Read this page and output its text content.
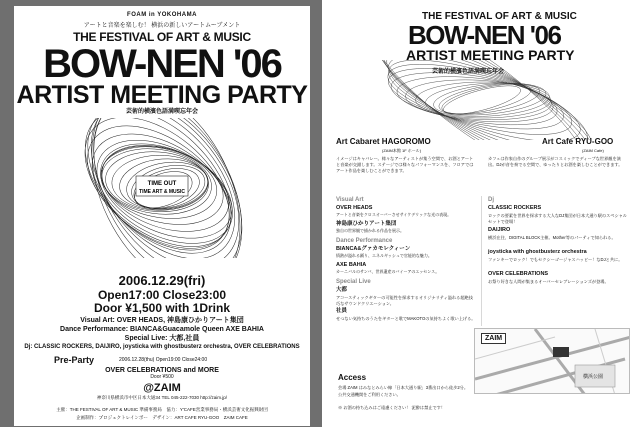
FOAM in YOKOHAMA
アートと音楽を楽しむ！ 横浜の新しいアートムーブメント
THE FESTIVAL OF ART & MUSIC
BOW-NEN '06
ARTIST MEETING PARTY
芸術的横濱色語満喫忘年会
TIME OUT
TIME ART & MUSIC
2006.12.29(fri)
Open17:00 Close23:00
Door ¥1,500 with 1Drink
Visual Art: OVER HEADS, 神島康ひかりアート集団
Dance Performance: BIANCA&Guacamole Queen AXE BAHIA
Special Live: 大都,社員
Dj: CLASSIC ROCKERS, DAIJIRO, joysticka with ghostbusterz orchestra, OVER CELEBRATIONS
Pre-Party	2006.12.28(thu) Open19:00 Close24:00
OVER CELEBRATIONS and MORE
Door ¥500
@ZAIM
神奈川県横浜市中区日本大通34 TEL 045-222-7030 http://zaim.jp/
主催：THE FESTIVAL OF ART & MUSIC 準備事務局　協力：Y'CAFE営業事務局・横浜芸術文化振興財団
企画制作：プロジェクトレインボー　デザイン：ART CAFE RYU-GOO　ZAIM CAFE
THE FESTIVAL OF ART & MUSIC
BOW-NEN '06
ARTIST MEETING PARTY
芸術的横濱色語満喫忘年会
Art Cabaret HAGOROMO
(ZAIM本館 1F ホール)
イメージはキャバレー。様々なアーティストが集う空間で、お酒とアートと音楽が交錯します。ステージでは様々なパフォーマンスを、フロアではアート作品を楽しむことができます。
Art Cafe RYU-GOO
(ZAIM Cafe)
カフェは作家自作のグループ展示がコスミックでディープな世界観を演出。DJが音を奏でる空間で、ゆったりとお酒を楽しむことができます。
Visual Art
OVER HEADS
アートと音楽をクロスオーバーさせサイケデリックな光の表現。
神島康ひかりアート集団
独自の世界観で描かれる作品を展示。
Dance Performance
BIANCA&グァカモレクィーン
情熱が溢れる踊り、エネルギッシュで官能的な魅力。
AXE BAHIA
カーニバルのサンバ、世界遺産のバイーアのエッセンス。
Special Live
大都
アコースティックギターの可能性を探求するオリジナリティ溢れる超絶技巧なサウンドクリエーション。
社員
せつない気持ちのうたをギターと歌でMAKOTOの気持ちよく歌い上げる。
Dj
CLASSIC ROCKERS
ロックの要素を世界を探求する大人なDJ集団が日本大通り駅のスペシャルセットで登場！
DAIJIRO
横浜在住、DIGITAL BLOCK主催。Mother等のパーティで知られる。
joysticka with ghostbusterz orchestra
ファンキーでロック！でもセクシーゴージャスハッピー！なDJと共に。
OVER CELEBRATIONS
お祭り好きな人間が集まるオーバーセレブレーションズが登場。
ZAIM
横浜公園
Access
会場 ZAIM はみなとみらい線「日本大通り駅」3番出口から徒歩2分。
公共交通機関をご利用ください。
※ お酒の持ち込みはご遠慮ください！ 泥酔は禁止です！
